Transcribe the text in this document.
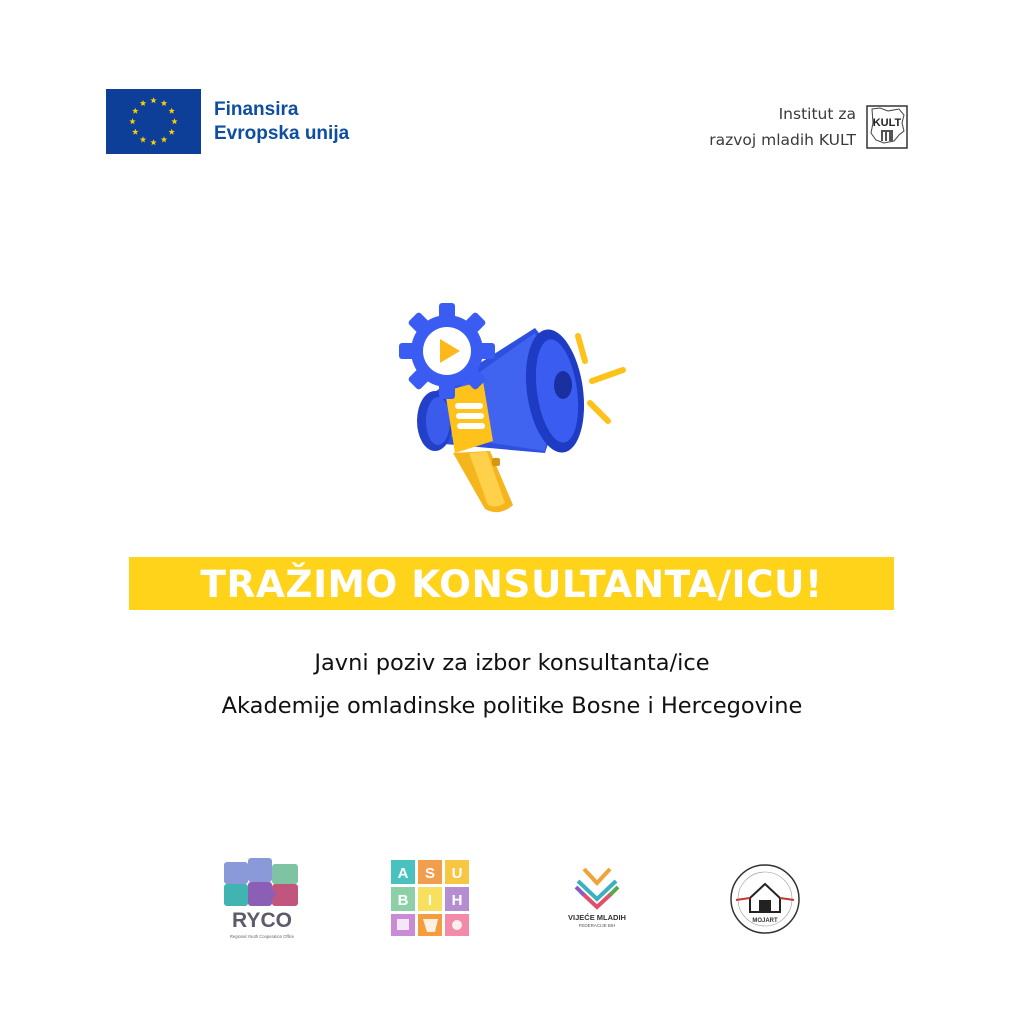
Finansira
Evropska unija
Institut za
razvoj mladih KULT
KULT
TRAŽIMO KONSULTANTA/ICU!
Javni poziv za izbor konsultanta/ice
Akademije omladinske politike Bosne i Hercegovine
RYCO
Regional Youth Cooperation Office
A S U
B I H
VIJEĆE MLADIH
FEDERACIJE BIH
MOJART
